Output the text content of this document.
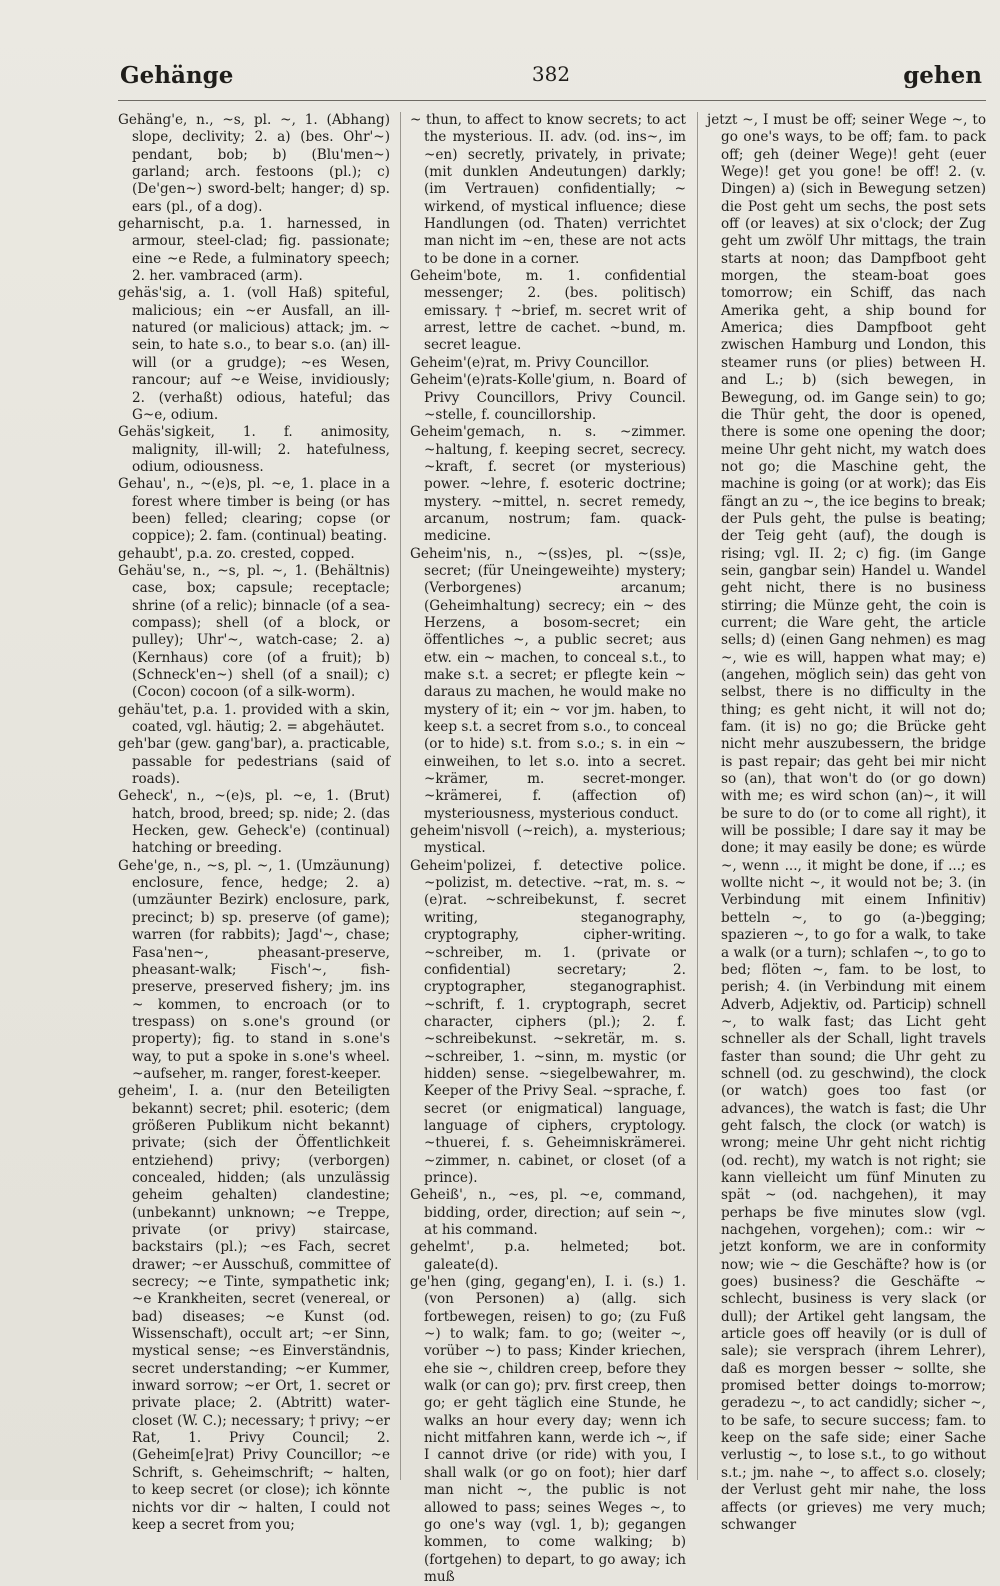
Gehänge	382	gehen

Gehäng'e, n., ~s, pl. ~, 1. (Abhang) slope, declivity; 2. a) (bes. Ohr'~) pendant, bob; b) (Blu'men~) garland; arch. festoons (pl.); c) (De'gen~) sword-belt; hanger; d) sp. ears (pl., of a dog).

geharnischt, p.a. 1. harnessed, in armour, steel-clad; fig. passionate; eine ~e Rede, a fulminatory speech; 2. her. vambraced (arm).

gehäs'sig, a. 1. (voll Haß) spiteful, malicious; ein ~er Ausfall, an ill-natured (or malicious) attack; jm. ~ sein, to hate s.o., to bear s.o. (an) ill-will (or a grudge); ~es Wesen, rancour; auf ~e Weise, invidiously; 2. (verhaßt) odious, hateful; das G~e, odium.

Gehäs'sigkeit, 1. f. animosity, malignity, ill-will; 2. hatefulness, odium, odiousness.

Gehau', n., ~(e)s, pl. ~e, 1. place in a forest where timber is being (or has been) felled; clearing; copse (or coppice); 2. fam. (continual) beating.

gehaubt', p.a. zo. crested, copped.

Gehäu'se, n., ~s, pl. ~, 1. (Behältnis) case, box; capsule; receptacle; shrine (of a relic); binnacle (of a sea-compass); shell (of a block, or pulley); Uhr'~, watch-case; 2. a) (Kernhaus) core (of a fruit); b) (Schneck'en~) shell (of a snail); c) (Cocon) cocoon (of a silk-worm).

gehäu'tet, p.a. 1. provided with a skin, coated, vgl. häutig; 2. = abgehäutet.

geh'bar (gew. gang'bar), a. practicable, passable for pedestrians (said of roads).

Geheck', n., ~(e)s, pl. ~e, 1. (Brut) hatch, brood, breed; sp. nide; 2. (das Hecken, gew. Geheck'e) (continual) hatching or breeding.

Gehe'ge, n., ~s, pl. ~, 1. (Umzäunung) enclosure, fence, hedge; 2. a) (umzäunter Bezirk) enclosure, park, precinct; b) sp. preserve (of game); warren (for rabbits); Jagd'~, chase; Fasa'nen~, pheasant-preserve, pheasant-walk; Fisch'~, fish-preserve, preserved fishery; jm. ins ~ kommen, to encroach (or to trespass) on s.one's ground (or property); fig. to stand in s.one's way, to put a spoke in s.one's wheel. ~aufseher, m. ranger, forest-keeper.

geheim', I. a. (nur den Beteiligten bekannt) secret; phil. esoteric; (dem größeren Publikum nicht bekannt) private; (sich der Öffentlichkeit entziehend) privy; (verborgen) concealed, hidden; (als unzulässig geheim gehalten) clandestine; (unbekannt) unknown; ~e Treppe, private (or privy) staircase, backstairs (pl.); ~es Fach, secret drawer; ~er Ausschuß, committee of secrecy; ~e Tinte, sympathetic ink; ~e Krankheiten, secret (venereal, or bad) diseases; ~e Kunst (od. Wissenschaft), occult art; ~er Sinn, mystical sense; ~es Einverständnis, secret understanding; ~er Kummer, inward sorrow; ~er Ort, 1. secret or private place; 2. (Abtritt) water-closet (W. C.); necessary; † privy; ~er Rat, 1. Privy Council; 2. (Geheim[e]rat) Privy Councillor; ~e Schrift, s. Geheimschrift; ~ halten, to keep secret (or close); ich könnte nichts vor dir ~ halten, I could not keep a secret from you;

~ thun, to affect to know secrets; to act the mysterious. II. adv. (od. ins~, im ~en) secretly, privately, in private; (mit dunklen Andeutungen) darkly; (im Vertrauen) confidentially; ~ wirkend, of mystical influence; diese Handlungen (od. Thaten) verrichtet man nicht im ~en, these are not acts to be done in a corner.

Geheim'bote, m. 1. confidential messenger; 2. (bes. politisch) emissary. † ~brief, m. secret writ of arrest, lettre de cachet. ~bund, m. secret league.

Geheim'(e)rat, m. Privy Councillor.

Geheim'(e)rats-Kolle'gium, n. Board of Privy Councillors, Privy Council. ~stelle, f. councillorship.

Geheim'gemach, n. s. ~zimmer. ~haltung, f. keeping secret, secrecy. ~kraft, f. secret (or mysterious) power. ~lehre, f. esoteric doctrine; mystery. ~mittel, n. secret remedy, arcanum, nostrum; fam. quack-medicine.

Geheim'nis, n., ~(ss)es, pl. ~(ss)e, secret; (für Uneingeweihte) mystery; (Verborgenes) arcanum; (Geheimhaltung) secrecy; ein ~ des Herzens, a bosom-secret; ein öffentliches ~, a public secret; aus etw. ein ~ machen, to conceal s.t., to make s.t. a secret; er pflegte kein ~ daraus zu machen, he would make no mystery of it; ein ~ vor jm. haben, to keep s.t. a secret from s.o., to conceal (or to hide) s.t. from s.o.; s. in ein ~ einweihen, to let s.o. into a secret. ~krämer, m. secret-monger. ~krämerei, f. (affection of) mysteriousness, mysterious conduct.

geheim'nisvoll (~reich), a. mysterious; mystical.

Geheim'polizei, f. detective police. ~polizist, m. detective. ~rat, m. s. ~(e)rat. ~schreibekunst, f. secret writing, steganography, cryptography, cipher-writing. ~schreiber, m. 1. (private or confidential) secretary; 2. cryptographer, steganographist. ~schrift, f. 1. cryptograph, secret character, ciphers (pl.); 2. f. ~schreibekunst. ~sekretär, m. s. ~schreiber, 1. ~sinn, m. mystic (or hidden) sense. ~siegelbewahrer, m. Keeper of the Privy Seal. ~sprache, f. secret (or enigmatical) language, language of ciphers, cryptology. ~thuerei, f. s. Geheimniskrämerei. ~zimmer, n. cabinet, or closet (of a prince).

Geheiß', n., ~es, pl. ~e, command, bidding, order, direction; auf sein ~, at his command.

gehelmt', p.a. helmeted; bot. galeate(d).

ge'hen (ging, gegang'en), I. i. (s.) 1. (von Personen) a) (allg. sich fortbewegen, reisen) to go; (zu Fuß ~) to walk; fam. to go; (weiter ~, vorüber ~) to pass; Kinder kriechen, ehe sie ~, children creep, before they walk (or can go); prv. first creep, then go; er geht täglich eine Stunde, he walks an hour every day; wenn ich nicht mitfahren kann, werde ich ~, if I cannot drive (or ride) with you, I shall walk (or go on foot); hier darf man nicht ~, the public is not allowed to pass; seines Weges ~, to go one's way (vgl. 1, b); gegangen kommen, to come walking; b) (fortgehen) to depart, to go away; ich muß

jetzt ~, I must be off; seiner Wege ~, to go one's ways, to be off; fam. to pack off; geh (deiner Wege)! geht (euer Wege)! get you gone! be off! 2. (v. Dingen) a) (sich in Bewegung setzen) die Post geht um sechs, the post sets off (or leaves) at six o'clock; der Zug geht um zwölf Uhr mittags, the train starts at noon; das Dampfboot geht morgen, the steam-boat goes tomorrow; ein Schiff, das nach Amerika geht, a ship bound for America; dies Dampfboot geht zwischen Hamburg und London, this steamer runs (or plies) between H. and L.; b) (sich bewegen, in Bewegung, od. im Gange sein) to go; die Thür geht, the door is opened, there is some one opening the door; meine Uhr geht nicht, my watch does not go; die Maschine geht, the machine is going (or at work); das Eis fängt an zu ~, the ice begins to break; der Puls geht, the pulse is beating; der Teig geht (auf), the dough is rising; vgl. II. 2; c) fig. (im Gange sein, gangbar sein) Handel u. Wandel geht nicht, there is no business stirring; die Münze geht, the coin is current; die Ware geht, the article sells; d) (einen Gang nehmen) es mag ~, wie es will, happen what may; e) (angehen, möglich sein) das geht von selbst, there is no difficulty in the thing; es geht nicht, it will not do; fam. (it is) no go; die Brücke geht nicht mehr auszubessern, the bridge is past repair; das geht bei mir nicht so (an), that won't do (or go down) with me; es wird schon (an)~, it will be sure to do (or to come all right), it will be possible; I dare say it may be done; it may easily be done; es würde ~, wenn ..., it might be done, if ...; es wollte nicht ~, it would not be; 3. (in Verbindung mit einem Infinitiv) betteln ~, to go (a-)begging; spazieren ~, to go for a walk, to take a walk (or a turn); schlafen ~, to go to bed; flöten ~, fam. to be lost, to perish; 4. (in Verbindung mit einem Adverb, Adjektiv, od. Particip) schnell ~, to walk fast; das Licht geht schneller als der Schall, light travels faster than sound; die Uhr geht zu schnell (od. zu geschwind), the clock (or watch) goes too fast (or advances), the watch is fast; die Uhr geht falsch, the clock (or watch) is wrong; meine Uhr geht nicht richtig (od. recht), my watch is not right; sie kann vielleicht um fünf Minuten zu spät ~ (od. nachgehen), it may perhaps be five minutes slow (vgl. nachgehen, vorgehen); com.: wir ~ jetzt konform, we are in conformity now; wie ~ die Geschäfte? how is (or goes) business? die Geschäfte ~ schlecht, business is very slack (or dull); der Artikel geht langsam, the article goes off heavily (or is dull of sale); sie versprach (ihrem Lehrer), daß es morgen besser ~ sollte, she promised better doings to-morrow; geradezu ~, to act candidly; sicher ~, to be safe, to secure success; fam. to keep on the safe side; einer Sache verlustig ~, to lose s.t., to go without s.t.; jm. nahe ~, to affect s.o. closely; der Verlust geht mir nahe, the loss affects (or grieves) me very much; schwanger
